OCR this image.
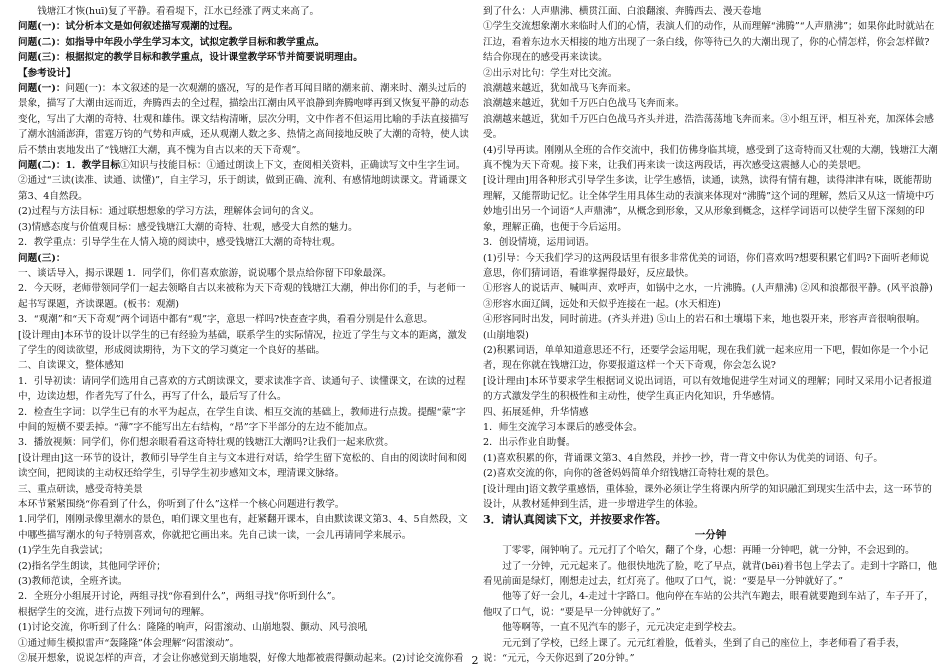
钱塘江才恢(huī)复了平静。看看堤下，江水已经涨了两丈来高了。

问题(一)：试分析本文是如何叙述描写观潮的过程。

问题(二)：如指导中年段小学生学习本文，试拟定教学目标和教学重点。

问题(三)：根据拟定的教学目标和教学重点，设计课堂教学环节并简要说明理由。

【参考设计】

问题(一)：问题(一)：本文叙述的是一次观潮的盛况，写的是作者耳闻目睹的潮来前、潮来时、潮头过后的景象，描写了大潮由远而近，奔腾西去的全过程，描绘出江潮由风平浪静到奔腾咆哮再到又恢复平静的动态变化，写出了大潮的奇特、壮观和雄伟。课文结构清晰，层次分明，文中作者不但运用比喻的手法直接描写了潮水汹涌澎湃，雷霆万钧的气势和声威，还从观潮人数之多、热情之高间接地反映了大潮的奇特，使人读后不禁由衷地发出了“钱塘江大潮，真不愧为自古以来的天下奇观”。

问题(二)：1．教学目标①知识与技能目标：①通过朗读上下文，查阅相关资料，正确读写文中生字生词。②通过“三读(读准、读通、读懂)”，自主学习，乐于朗读，做到正确、流利、有感情地朗读课文。背诵课文第3、4自然段。

(2)过程与方法目标：通过联想想象的学习方法，理解体会词句的含义。

(3)情感态度与价值观目标：感受钱塘江大潮的奇特、壮观，感受大自然的魅力。

2．教学重点：引导学生在人情入境的阅读中，感受钱塘江大潮的奇特壮观。

问题(三)：

一、谈话导入，揭示课题 1．同学们，你们喜欢旅游，说说哪个景点给你留下印象最深。

2．今天呀，老师带领同学们一起去领略自古以来被称为天下奇观的钱塘江大潮，伸出你们的手，与老师一起书写课题，齐读课题。(板书：观潮)

3．“观潮”和“天下奇观”两个词语中都有“观”字，意思一样吗?快查查字典，看看分别是什么意思。

[设计理由]本环节的设计以学生的已有经验为基础，联系学生的实际情况，拉近了学生与文本的距离，激发了学生的阅读欲望，形成阅读期待，为下文的学习奠定一个良好的基础。

二、自读课文，整体感知

1．引导初读：请同学们选用自己喜欢的方式朗读课文，要求读准字音、读通句子、读懂课文，在读的过程中，边读边想，作者先写了什么，再写了什么，最后写了什么。

2．检查生字词：以学生已有的水平为起点，在学生自读、相互交流的基础上，教师进行点拨。提醒“蒙”字中间的短横不要丢掉。“薄”字不能写出左右结构，“昂”字下半部分的左边不能加点。

3．播放视频：同学们，你们想亲眼看看这奇特壮观的钱塘江大潮吗?让我们一起来欣赏。

[设计理由]这一环节的设计，教师引导学生自主与文本进行对话，给学生留下宽松的、自由的阅读时间和阅读空间，把阅读的主动权还给学生，引导学生初步感知文本，理清课文脉络。

三、重点研读，感受奇特美景

本环节紧紧围绕“你看到了什么，你听到了什么”这样一个核心问题进行教学。

1.同学们，刚刚录像里潮水的景色，咱们课文里也有，赶紧翻开课本，自由默读课文第3、4、5自然段，文中哪些描写潮水的句子特别喜欢，你就把它画出来。先自己读一读，一会儿再请同学来展示。

(1)学生先自我尝试；

(2)指名学生朗读，其他同学评价；

(3)教师范读，全班齐读。

2．全班分小组展开讨论，两组寻找“你看到什么”，两组寻找“你听到什么”。

根据学生的交流，进行点拨下列词句的理解。

(1)讨论交流，你听到了什么：隆隆的响声，闷雷滚动、山崩地裂、颤动、风号浪吼

①通过师生模拟雷声“轰隆隆”体会理解“闷雷滚动”。

②展开想象，说说怎样的声音，才会让你感觉到天崩地裂，好像大地都被震得颤动起来。(2)讨论交流你看

到了什么：人声鼎沸、横贯江面、白浪翻滚、奔腾西去、漫天卷地

①学生交流想象潮水来临时人们的心情，表演人们的动作，从而理解“沸腾”“人声鼎沸”；如果你此时就站在江边，看着东边水天相接的地方出现了一条白线，你等待已久的大潮出现了，你的心情怎样，你会怎样做?结合你现在的感受再来读读。

②出示对比句：学生对比交流。

浪潮越来越近，犹如战马飞奔而来。

浪潮越来越近，犹如千万匹白色战马飞奔而来。

浪潮越来越近，犹如千万匹白色战马齐头并进，浩浩荡荡地飞奔而来。③小组互评，相互补充，加深体会感受。

(4)引导再读。刚刚从全班的合作交流中，我们仿佛身临其境，感受到了这奇特而又壮观的大潮，钱塘江大潮真不愧为天下奇观。接下来，让我们再来读一读这两段话，再次感受这震撼人心的美景吧。

[设计理由]用各种形式引导学生多读，让学生感悟，读通，读熟，读得有情有趣，读得津津有味，既能帮助理解，又能帮助记忆。让全体学生用具体生动的表演来体现对“沸腾”这个词的理解，然后又从这一情境中巧妙地引出另一个词语“人声鼎沸”，从概念到形象，又从形象到概念，这样学词语可以使学生留下深刻的印象，理解正确，也便于今后运用。

3．创设情境，运用词语。

(1)引导：今天我们学习的这两段话里有很多非常优美的词语，你们喜欢吗?想要积累它们吗?下面听老师说意思，你们猜词语，看谁掌握得最好，反应最快。

①形容人的说话声、喊叫声、欢呼声，如锅中之水，一片沸腾。(人声鼎沸) ②风和浪都很平静。(风平浪静)

③形容水面辽阔，远处和天似乎连接在一起。(水天相连)

④形容同时出发，同时前进。(齐头并进) ⑤山上的岩石和土壤塌下来，地也裂开来，形容声音很响很响。(山崩地裂)

(2)积累词语，单单知道意思还不行，还要学会运用呢，现在我们就一起来应用一下吧，假如你是一个小记者，现在你就在钱塘江边，你要报道这样一个天下奇观，你会怎么说?

[设计理由]本环节要求学生根据词义说出词语，可以有效地促进学生对词义的理解；同时又采用小记者报道的方式激发学生的积极性和主动性，使学生真正内化知识，升华感情。

四、拓展延伸，升华情感

1．师生交流学习本课后的感受体会。

2．出示作业自助餐。

(1)喜欢积累的你，背诵课文第3、4自然段，并抄一抄，背一背文中你认为优美的词语、句子。

(2)喜欢交流的你，向你的爸爸妈妈简单介绍钱塘江奇特壮观的景色。

[设计理由]语文教学重感悟，重体验，课外必须让学生将课内所学的知识融汇到现实生活中去，这一环节的设计，从教材延伸到生活，进一步增进学生的体验。

3．请认真阅读下文，并按要求作答。

一分钟

丁零零，闹钟响了。元元打了个哈欠，翻了个身，心想：再睡一分钟吧，就一分钟，不会迟到的。

过了一分钟，元元起来了。他很快地洗了脸，吃了早点，就背(bēi)着书包上学去了。走到十字路口，他看见前面是绿灯，刚想走过去，红灯亮了。他叹了口气，说：“要是早一分钟就好了。”

他等了好一会儿，4-走过十字路口。他向停在车站的公共汽车跑去，眼看就要跑到车站了，车子开了，他叹了口气，说：“要是早一分钟就好了。”

他等啊等，一直不见汽车的影子，元元决定走到学校去。

元元到了学校，已经上课了。元元红着脸，低着头，坐到了自己的座位上，李老师看了看手表，说：“元元，今天你迟到了20分钟。”

2
